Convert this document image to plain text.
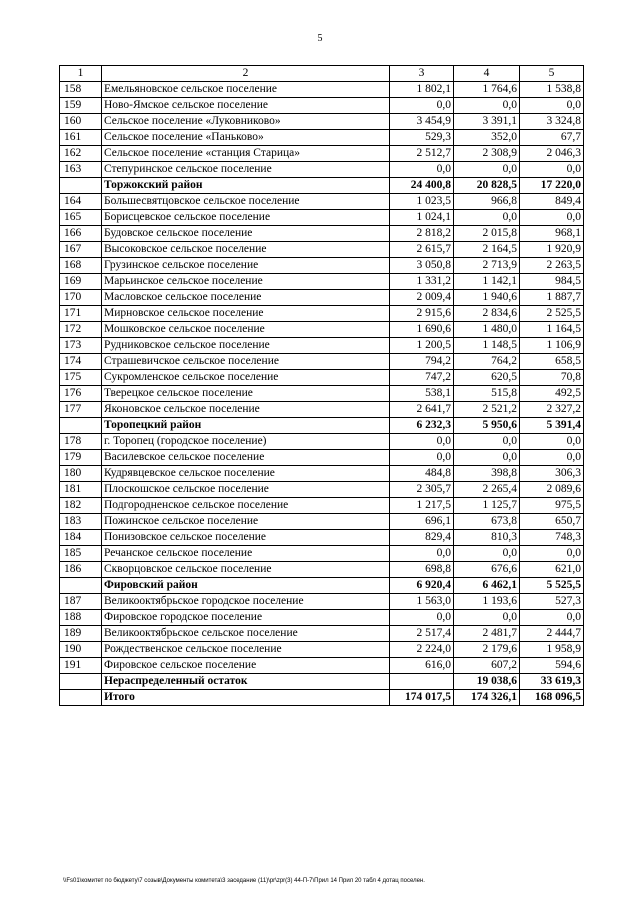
5
1	2	3	4	5
158	Емельяновское сельское поселение	1 802,1	1 764,6	1 538,8
159	Ново-Ямское сельское поселение	0,0	0,0	0,0
160	Сельское поселение «Луковниково»	3 454,9	3 391,1	3 324,8
161	Сельское поселение «Паньково»	529,3	352,0	67,7
162	Сельское поселение «станция Старица»	2 512,7	2 308,9	2 046,3
163	Степуринское сельское поселение	0,0	0,0	0,0
	Торжокский район	24 400,8	20 828,5	17 220,0
164	Большесвятцовское сельское поселение	1 023,5	966,8	849,4
165	Борисцевское сельское поселение	1 024,1	0,0	0,0
166	Будовское сельское поселение	2 818,2	2 015,8	968,1
167	Высоковское сельское поселение	2 615,7	2 164,5	1 920,9
168	Грузинское сельское поселение	3 050,8	2 713,9	2 263,5
169	Марьинское сельское поселение	1 331,2	1 142,1	984,5
170	Масловское сельское поселение	2 009,4	1 940,6	1 887,7
171	Мирновское сельское поселение	2 915,6	2 834,6	2 525,5
172	Мошковское сельское поселение	1 690,6	1 480,0	1 164,5
173	Рудниковское сельское поселение	1 200,5	1 148,5	1 106,9
174	Страшевичское сельское поселение	794,2	764,2	658,5
175	Сукромленское сельское поселение	747,2	620,5	70,8
176	Тверецкое сельское поселение	538,1	515,8	492,5
177	Яконовское сельское поселение	2 641,7	2 521,2	2 327,2
	Торопецкий район	6 232,3	5 950,6	5 391,4
178	г. Торопец (городское поселение)	0,0	0,0	0,0
179	Василевское сельское поселение	0,0	0,0	0,0
180	Кудрявцевское сельское поселение	484,8	398,8	306,3
181	Плоскошское сельское поселение	2 305,7	2 265,4	2 089,6
182	Подгородненское сельское поселение	1 217,5	1 125,7	975,5
183	Пожинское сельское поселение	696,1	673,8	650,7
184	Понизовское сельское поселение	829,4	810,3	748,3
185	Речанское сельское поселение	0,0	0,0	0,0
186	Скворцовское сельское поселение	698,8	676,6	621,0
	Фировский район	6 920,4	6 462,1	5 525,5
187	Великооктябрьское городское поселение	1 563,0	1 193,6	527,3
188	Фировское городское поселение	0,0	0,0	0,0
189	Великооктябрьское сельское поселение	2 517,4	2 481,7	2 444,7
190	Рождественское сельское поселение	2 224,0	2 179,6	1 958,9
191	Фировское сельское поселение	616,0	607,2	594,6
	Нераспределенный остаток		19 038,6	33 619,3
	Итого	174 017,5	174 326,1	168 096,5
\\Fs01\комитет по бюджету\7 созыв\Документы комитета\3 заседание (11)\pr\zpr(3) 44-П-7\Прил 14 Прил 20 табл 4 дотац поселен.
